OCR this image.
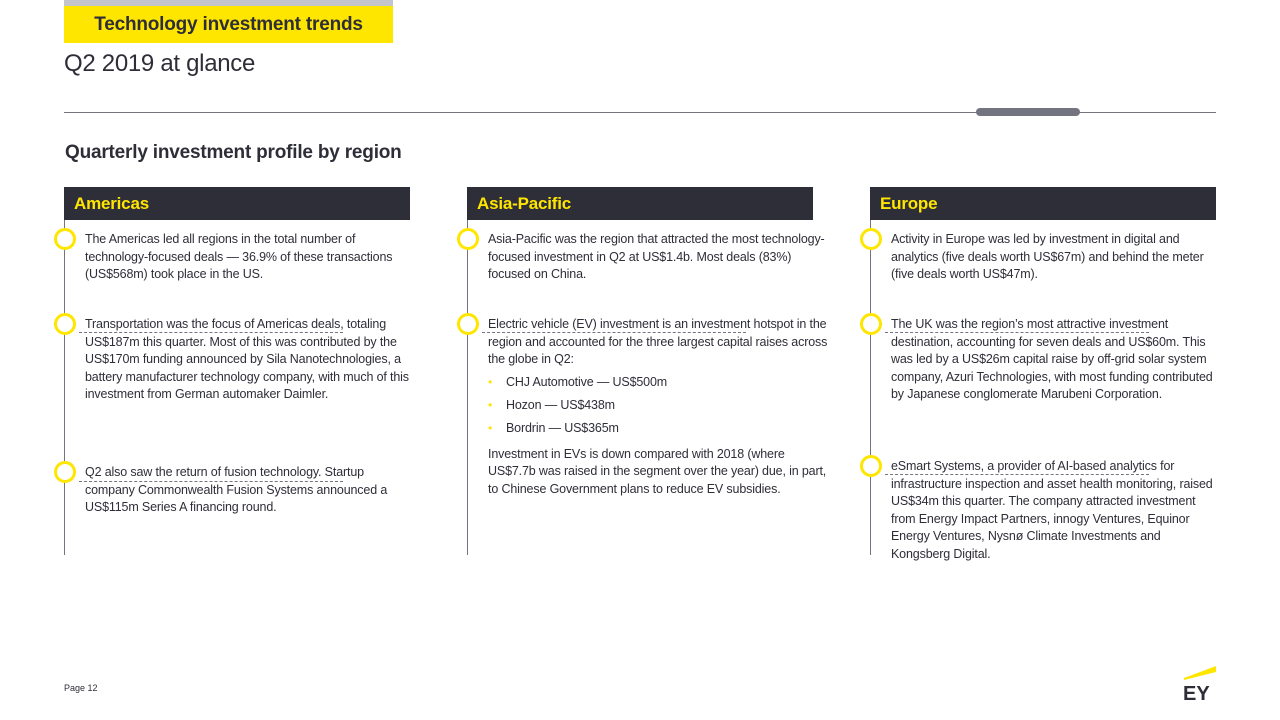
Technology investment trends
Q2 2019 at glance
Quarterly investment profile by region
Americas

The Americas led all regions in the total number of technology-focused deals — 36.9% of these transactions (US$568m) took place in the US.

Transportation was the focus of Americas deals, totaling US$187m this quarter. Most of this was contributed by the US$170m funding announced by Sila Nanotechnologies, a battery manufacturer technology company, with much of this investment from German automaker Daimler.

Q2 also saw the return of fusion technology. Startup company Commonwealth Fusion Systems announced a US$115m Series A financing round.

Asia-Pacific

Asia-Pacific was the region that attracted the most technology-focused investment in Q2 at US$1.4b. Most deals (83%) focused on China.

Electric vehicle (EV) investment is an investment hotspot in the region and accounted for the three largest capital raises across the globe in Q2:

• CHJ Automotive — US$500m
• Hozon — US$438m
• Bordrin — US$365m

Investment in EVs is down compared with 2018 (where US$7.7b was raised in the segment over the year) due, in part, to Chinese Government plans to reduce EV subsidies.

Europe

Activity in Europe was led by investment in digital and analytics (five deals worth US$67m) and behind the meter (five deals worth US$47m).

The UK was the region’s most attractive investment destination, accounting for seven deals and US$60m. This was led by a US$26m capital raise by off-grid solar system company, Azuri Technologies, with most funding contributed by Japanese conglomerate Marubeni Corporation.

eSmart Systems, a provider of AI-based analytics for infrastructure inspection and asset health monitoring, raised US$34m this quarter. The company attracted investment from Energy Impact Partners, innogy Ventures, Equinor Energy Ventures, Nysnø Climate Investments and Kongsberg Digital.

Page 12	EY
